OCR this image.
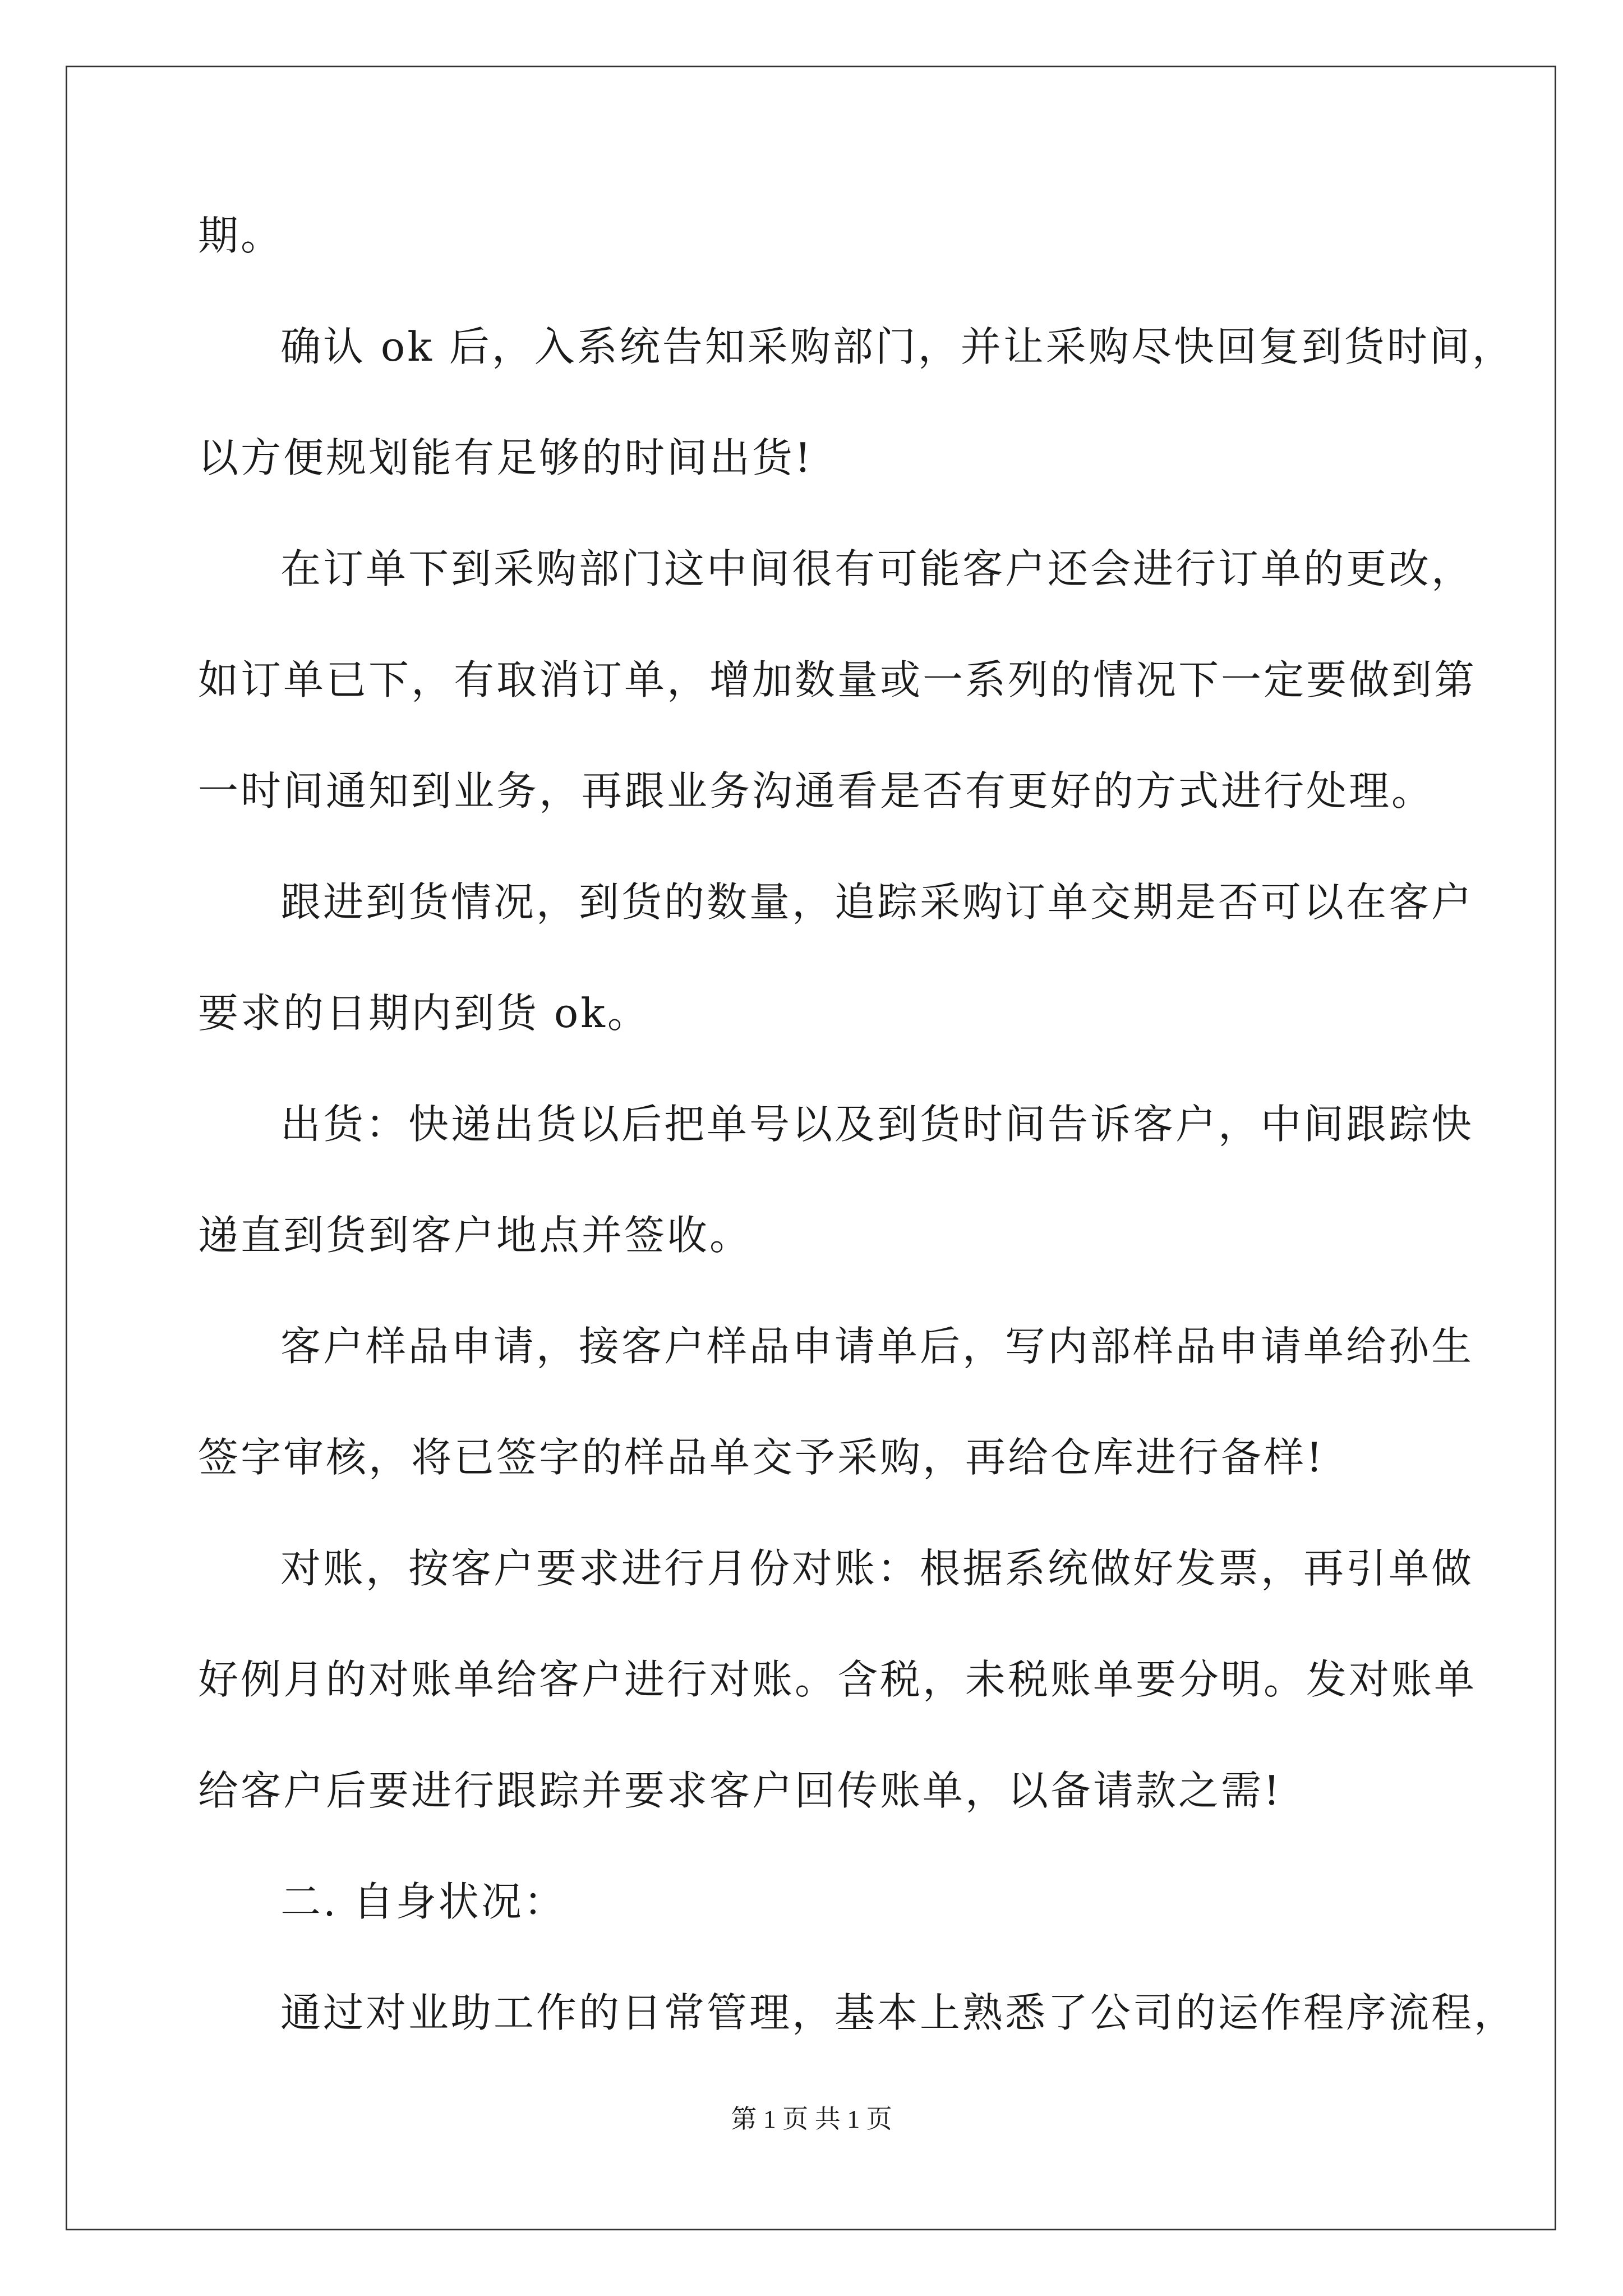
期。
确认 ok 后，入系统告知采购部门，并让采购尽快回复到货时间，
以方便规划能有足够的时间出货!
在订单下到采购部门这中间很有可能客户还会进行订单的更改，
如订单已下，有取消订单，增加数量或一系列的情况下一定要做到第
一时间通知到业务，再跟业务沟通看是否有更好的方式进行处理。
跟进到货情况，到货的数量，追踪采购订单交期是否可以在客户
要求的日期内到货 ok。
出货：快递出货以后把单号以及到货时间告诉客户，中间跟踪快
递直到货到客户地点并签收。
客户样品申请，接客户样品申请单后，写内部样品申请单给孙生
签字审核，将已签字的样品单交予采购，再给仓库进行备样!
对账，按客户要求进行月份对账：根据系统做好发票，再引单做
好例月的对账单给客户进行对账。含税，未税账单要分明。发对账单
给客户后要进行跟踪并要求客户回传账单，以备请款之需!
二. 自身状况：
通过对业助工作的日常管理，基本上熟悉了公司的运作程序流程，
第 1 页 共 1 页
